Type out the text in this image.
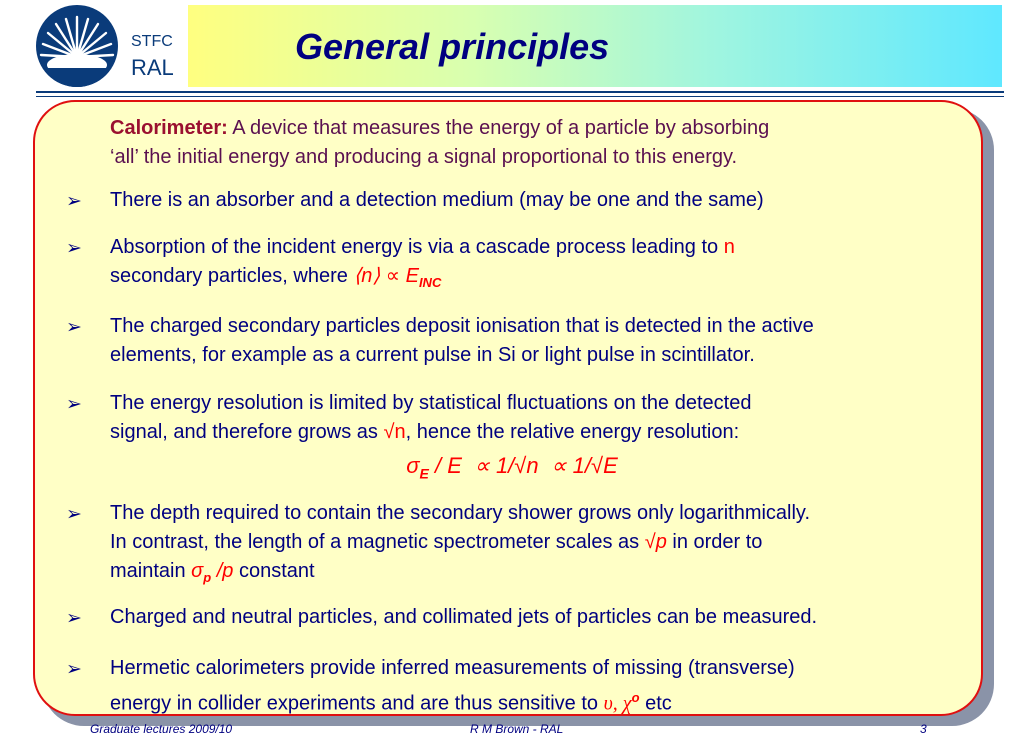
STFC
RAL
General principles
Calorimeter: A device that measures the energy of a particle by absorbing
‘all’ the initial energy and producing a signal proportional to this energy.
➢ There is an absorber and a detection medium (may be one and the same)
➢ Absorption of the incident energy is via a cascade process leading to n
secondary particles, where ⟨n⟩ ∝ $E_{INC}$
➢ The charged secondary particles deposit ionisation that is detected in the active
elements, for example as a current pulse in Si or light pulse in scintillator.
➢ The energy resolution is limited by statistical fluctuations on the detected
signal, and therefore grows as √n, hence the relative energy resolution:
$\sigma_E / E \propto 1/√n \propto 1/√E$
➢ The depth required to contain the secondary shower grows only logarithmically.
In contrast, the length of a magnetic spectrometer scales as √p in order to
maintain $\sigma_p$ /p constant
➢ Charged and neutral particles, and collimated jets of particles can be measured.
➢ Hermetic calorimeters provide inferred measurements of missing (transverse)
energy in collider experiments and are thus sensitive to υ, $\chi^o$ etc
Graduate lectures 2009/10	R M Brown - RAL	3
